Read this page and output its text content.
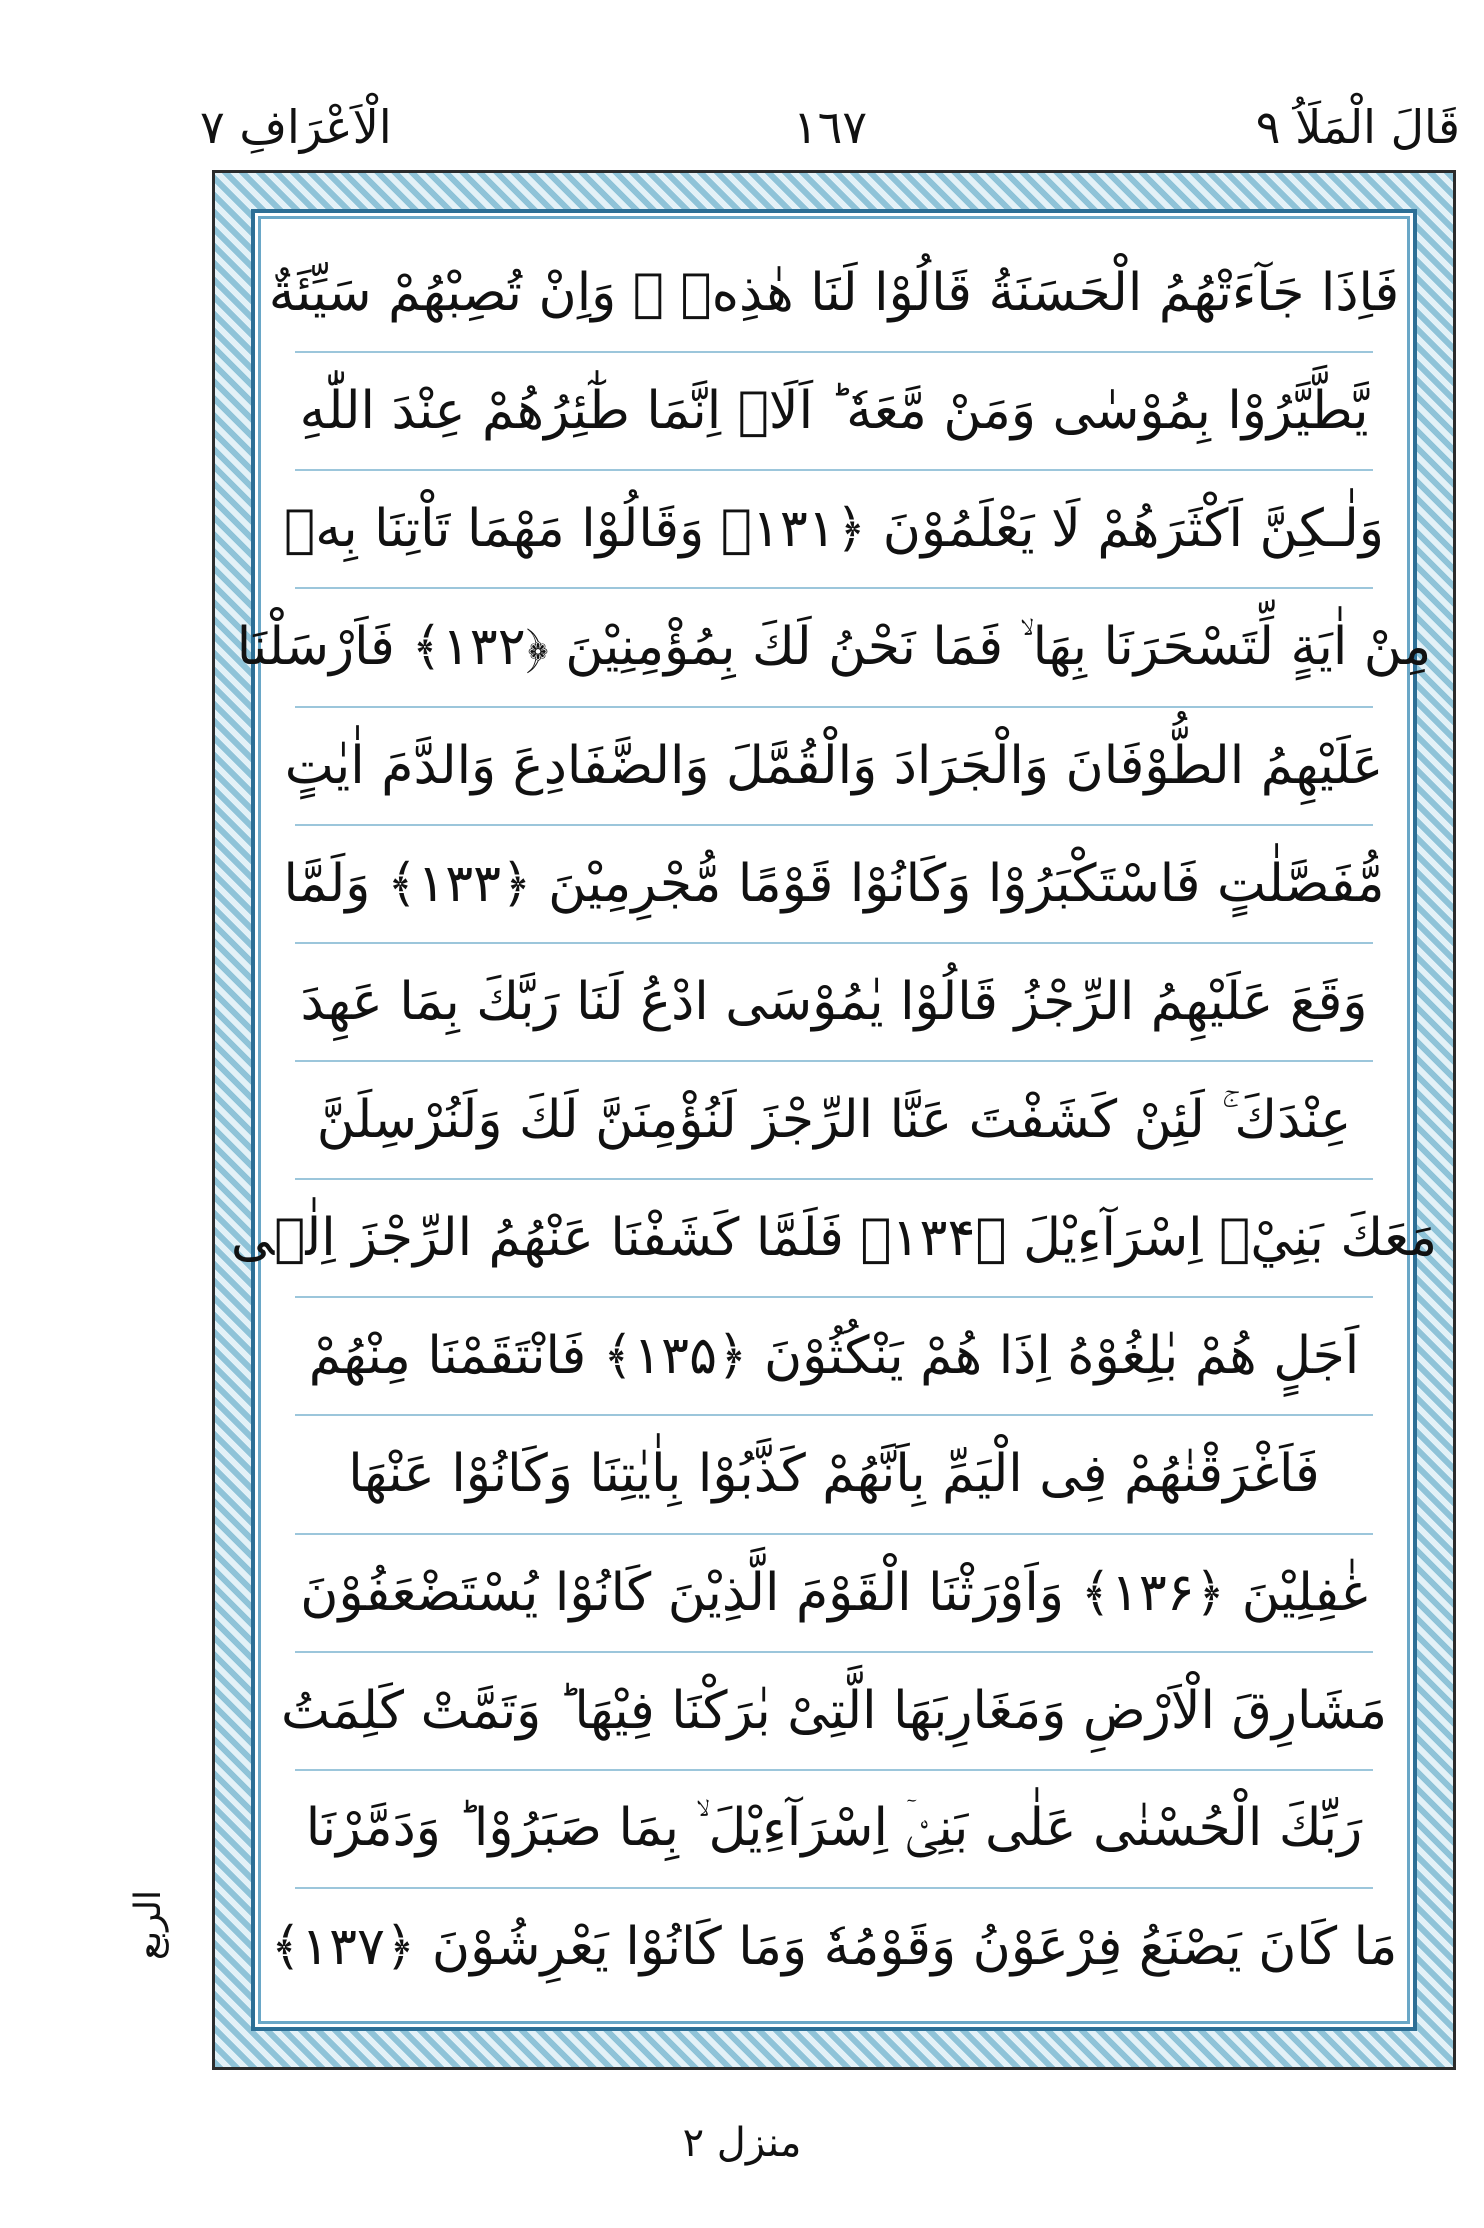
قَالَ الْمَلَاُ ٩
١٦٧
الْاَعْرَافِ ٧
فَاِذَا جَآءَتْهُمُ الْحَسَنَةُ قَالُوْا لَنَا هٰذِهٖ ۚ وَاِنْ تُصِبْهُمْ سَيِّئَةٌ
يَّطَّيَّرُوْا بِمُوْسٰى وَمَنْ مَّعَهٗ ؕ اَلَاۤ اِنَّمَا طٰٓئِرُهُمْ عِنْدَ اللّٰهِ
وَلٰـكِنَّ اَكْثَرَهُمْ لَا يَعْلَمُوْنَ ﴿۱۳۱﴾ وَقَالُوْا مَهْمَا تَاْتِنَا بِهٖ
مِنْ اٰيَةٍ لِّتَسْحَرَنَا بِهَا ۙ فَمَا نَحْنُ لَكَ بِمُؤْمِنِيْنَ ﴿۱۳۲﴾ فَاَرْسَلْنَا
عَلَيْهِمُ الطُّوْفَانَ وَالْجَرَادَ وَالْقُمَّلَ وَالضَّفَادِعَ وَالدَّمَ اٰيٰتٍ
مُّفَصَّلٰتٍ فَاسْتَكْبَرُوْا وَكَانُوْا قَوْمًا مُّجْرِمِيْنَ ﴿۱۳۳﴾ وَلَمَّا
وَقَعَ عَلَيْهِمُ الرِّجْزُ قَالُوْا يٰمُوْسَى ادْعُ لَنَا رَبَّكَ بِمَا عَهِدَ
عِنْدَكَ ۚ لَئِنْ كَشَفْتَ عَنَّا الرِّجْزَ لَنُؤْمِنَنَّ لَكَ وَلَنُرْسِلَنَّ
مَعَكَ بَنِيْۤ اِسْرَآءِيْلَ ﴿۱۳۴﴾ فَلَمَّا كَشَفْنَا عَنْهُمُ الرِّجْزَ اِلٰۤى
اَجَلٍ هُمْ بٰلِغُوْهُ اِذَا هُمْ يَنْكُثُوْنَ ﴿۱۳۵﴾ فَانْتَقَمْنَا مِنْهُمْ
فَاَغْرَقْنٰهُمْ فِى الْيَمِّ بِاَنَّهُمْ كَذَّبُوْا بِاٰيٰتِنَا وَكَانُوْا عَنْهَا
غٰفِلِيْنَ ﴿۱۳۶﴾ وَاَوْرَثْنَا الْقَوْمَ الَّذِيْنَ كَانُوْا يُسْتَضْعَفُوْنَ
مَشَارِقَ الْاَرْضِ وَمَغَارِبَهَا الَّتِىْ بٰرَكْنَا فِيْهَا ؕ وَتَمَّتْ كَلِمَتُ
رَبِّكَ الْحُسْنٰى عَلٰى بَنِىْۤ اِسْرَآءِيْلَ ۙ بِمَا صَبَرُوْا ؕ وَدَمَّرْنَا
مَا كَانَ يَصْنَعُ فِرْعَوْنُ وَقَوْمُهٗ وَمَا كَانُوْا يَعْرِشُوْنَ ﴿۱۳۷﴾
الربع
منزل ٢
